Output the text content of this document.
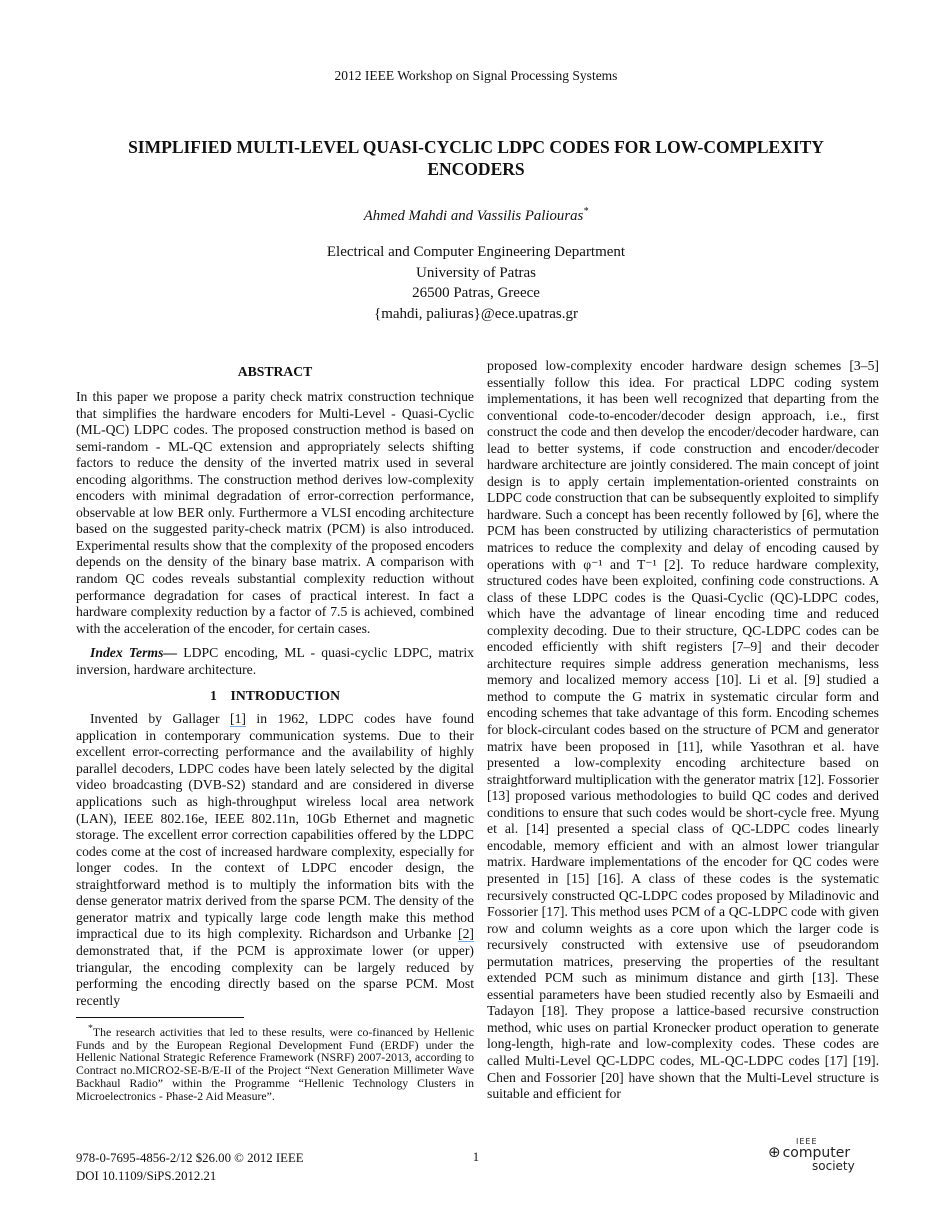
2012 IEEE Workshop on Signal Processing Systems
SIMPLIFIED MULTI-LEVEL QUASI-CYCLIC LDPC CODES FOR LOW-COMPLEXITY
ENCODERS
Ahmed Mahdi and Vassilis Paliouras*
Electrical and Computer Engineering Department
University of Patras
26500 Patras, Greece
{mahdi, paliuras}@ece.upatras.gr
ABSTRACT
In this paper we propose a parity check matrix construction technique that simplifies the hardware encoders for Multi-Level - Quasi-Cyclic (ML-QC) LDPC codes. The proposed construction method is based on semi-random - ML-QC extension and appropriately selects shifting factors to reduce the density of the inverted matrix used in several encoding algorithms. The construction method derives low-complexity encoders with minimal degradation of error-correction performance, observable at low BER only. Furthermore a VLSI encoding architecture based on the suggested parity-check matrix (PCM) is also introduced. Experimental results show that the complexity of the proposed encoders depends on the density of the binary base matrix. A comparison with random QC codes reveals substantial complexity reduction without performance degradation for cases of practical interest. In fact a hardware complexity reduction by a factor of 7.5 is achieved, combined with the acceleration of the encoder, for certain cases.
Index Terms— LDPC encoding, ML - quasi-cyclic LDPC, matrix inversion, hardware architecture.
1 INTRODUCTION
Invented by Gallager [1] in 1962, LDPC codes have found application in contemporary communication systems. Due to their excellent error-correcting performance and the availability of highly parallel decoders, LDPC codes have been lately selected by the digital video broadcasting (DVB-S2) standard and are considered in diverse applications such as high-throughput wireless local area network (LAN), IEEE 802.16e, IEEE 802.11n, 10Gb Ethernet and magnetic storage. The excellent error correction capabilities offered by the LDPC codes come at the cost of increased hardware complexity, especially for longer codes. In the context of LDPC encoder design, the straightforward method is to multiply the information bits with the dense generator matrix derived from the sparse PCM. The density of the generator matrix and typically large code length make this method impractical due to its high complexity. Richardson and Urbanke [2] demonstrated that, if the PCM is approximate lower (or upper) triangular, the encoding complexity can be largely reduced by performing the encoding directly based on the sparse PCM. Most recently
*The research activities that led to these results, were co-financed by Hellenic Funds and by the European Regional Development Fund (ERDF) under the Hellenic National Strategic Reference Framework (NSRF) 2007-2013, according to Contract no.MICRO2-SE-B/E-II of the Project “Next Generation Millimeter Wave Backhaul Radio” within the Programme “Hellenic Technology Clusters in Microelectronics - Phase-2 Aid Measure”.
proposed low-complexity encoder hardware design schemes [3–5] essentially follow this idea. For practical LDPC coding system implementations, it has been well recognized that departing from the conventional code-to-encoder/decoder design approach, i.e., first construct the code and then develop the encoder/decoder hardware, can lead to better systems, if code construction and encoder/decoder hardware architecture are jointly considered. The main concept of joint design is to apply certain implementation-oriented constraints on LDPC code construction that can be subsequently exploited to simplify hardware. Such a concept has been recently followed by [6], where the PCM has been constructed by utilizing characteristics of permutation matrices to reduce the complexity and delay of encoding caused by operations with φ⁻¹ and T⁻¹ [2]. To reduce hardware complexity, structured codes have been exploited, confining code constructions. A class of these LDPC codes is the Quasi-Cyclic (QC)-LDPC codes, which have the advantage of linear encoding time and reduced complexity decoding. Due to their structure, QC-LDPC codes can be encoded efficiently with shift registers [7–9] and their decoder architecture requires simple address generation mechanisms, less memory and localized memory access [10]. Li et al. [9] studied a method to compute the G matrix in systematic circular form and encoding schemes that take advantage of this form. Encoding schemes for block-circulant codes based on the structure of PCM and generator matrix have been proposed in [11], while Yasothran et al. have presented a low-complexity encoding architecture based on straightforward multiplication with the generator matrix [12]. Fossorier [13] proposed various methodologies to build QC codes and derived conditions to ensure that such codes would be short-cycle free. Myung et al. [14] presented a special class of QC-LDPC codes linearly encodable, memory efficient and with an almost lower triangular matrix. Hardware implementations of the encoder for QC codes were presented in [15] [16]. A class of these codes is the systematic recursively constructed QC-LDPC codes proposed by Miladinovic and Fossorier [17]. This method uses PCM of a QC-LDPC code with given row and column weights as a core upon which the larger code is recursively constructed with extensive use of pseudorandom permutation matrices, preserving the properties of the resultant extended PCM such as minimum distance and girth [13]. These essential parameters have been studied recently also by Esmaeili and Tadayon [18]. They propose a lattice-based recursive construction method, whic uses on partial Kronecker product operation to generate long-length, high-rate and low-complexity codes. These codes are called Multi-Level QC-LDPC codes, ML-QC-LDPC codes [17] [19]. Chen and Fossorier [20] have shown that the Multi-Level structure is suitable and efficient for
978-0-7695-4856-2/12 $26.00 © 2012 IEEE
DOI 10.1109/SiPS.2012.21
1
IEEE
⊕ computer
society
